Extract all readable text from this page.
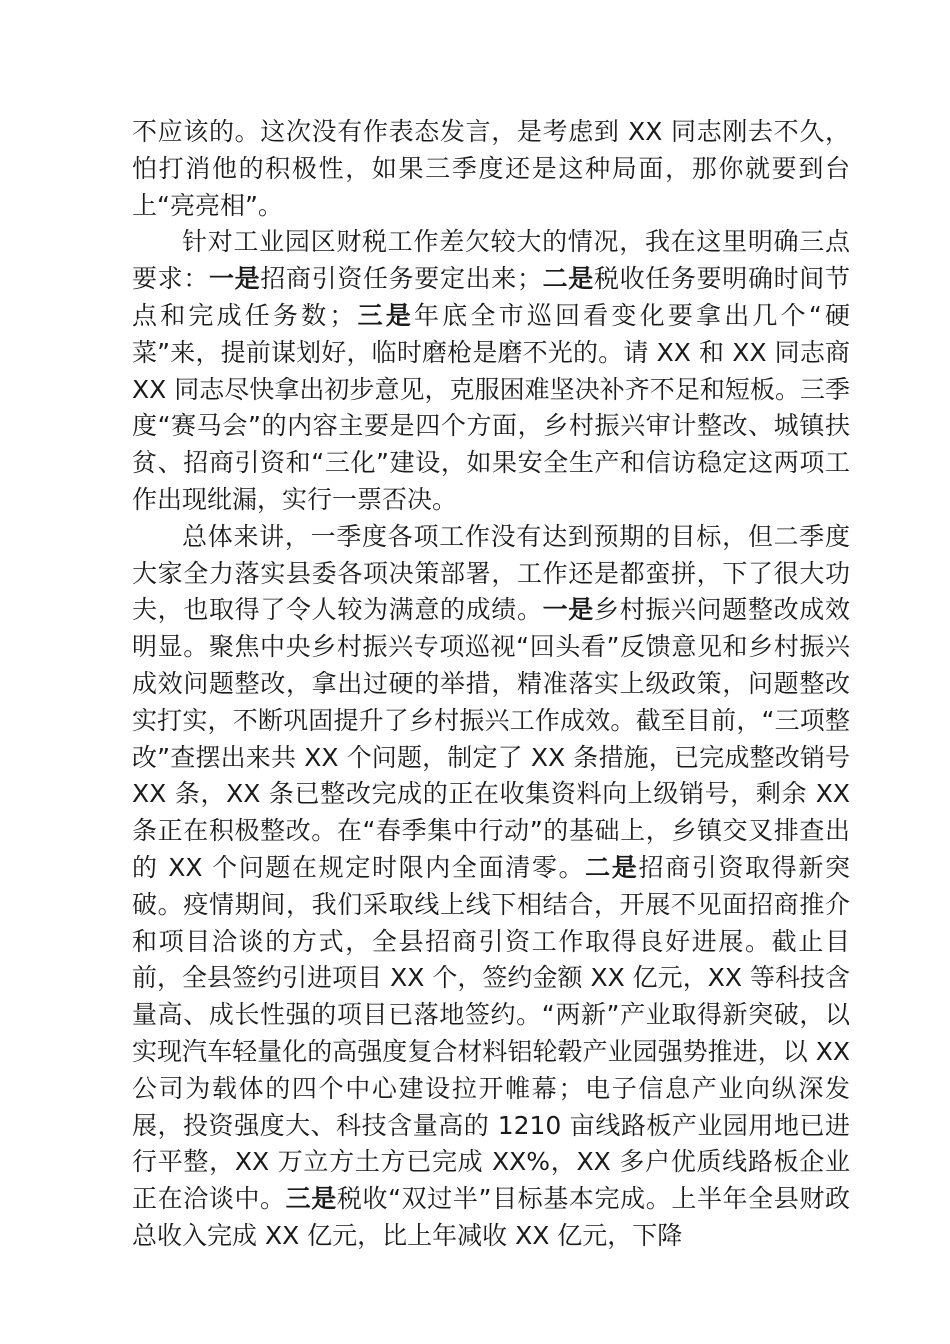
不应该的。这次没有作表态发言，是考虑到 XX 同志刚去不久，怕打消他的积极性，如果三季度还是这种局面，那你就要到台上“亮亮相”。

针对工业园区财税工作差欠较大的情况，我在这里明确三点要求：一是招商引资任务要定出来；二是税收任务要明确时间节点和完成任务数；三是年底全市巡回看变化要拿出几个“硬菜”来，提前谋划好，临时磨枪是磨不光的。请 XX 和 XX 同志商 XX 同志尽快拿出初步意见，克服困难坚决补齐不足和短板。三季度“赛马会”的内容主要是四个方面，乡村振兴审计整改、城镇扶贫、招商引资和“三化”建设，如果安全生产和信访稳定这两项工作出现纰漏，实行一票否决。

总体来讲，一季度各项工作没有达到预期的目标，但二季度大家全力落实县委各项决策部署，工作还是都蛮拼，下了很大功夫，也取得了令人较为满意的成绩。一是乡村振兴问题整改成效明显。聚焦中央乡村振兴专项巡视“回头看”反馈意见和乡村振兴成效问题整改，拿出过硬的举措，精准落实上级政策，问题整改实打实，不断巩固提升了乡村振兴工作成效。截至目前，“三项整改”查摆出来共 XX 个问题，制定了 XX 条措施，已完成整改销号 XX 条，XX 条已整改完成的正在收集资料向上级销号，剩余 XX 条正在积极整改。在“春季集中行动”的基础上，乡镇交叉排查出的 XX 个问题在规定时限内全面清零。二是招商引资取得新突破。疫情期间，我们采取线上线下相结合，开展不见面招商推介和项目洽谈的方式，全县招商引资工作取得良好进展。截止目前，全县签约引进项目 XX 个，签约金额 XX 亿元，XX 等科技含量高、成长性强的项目已落地签约。“两新”产业取得新突破，以实现汽车轻量化的高强度复合材料铝轮毂产业园强势推进，以 XX 公司为载体的四个中心建设拉开帷幕；电子信息产业向纵深发展，投资强度大、科技含量高的 1210 亩线路板产业园用地已进行平整，XX 万立方土方已完成 XX%，XX 多户优质线路板企业正在洽谈中。三是税收“双过半”目标基本完成。上半年全县财政总收入完成 XX 亿元，比上年减收 XX 亿元，下降
